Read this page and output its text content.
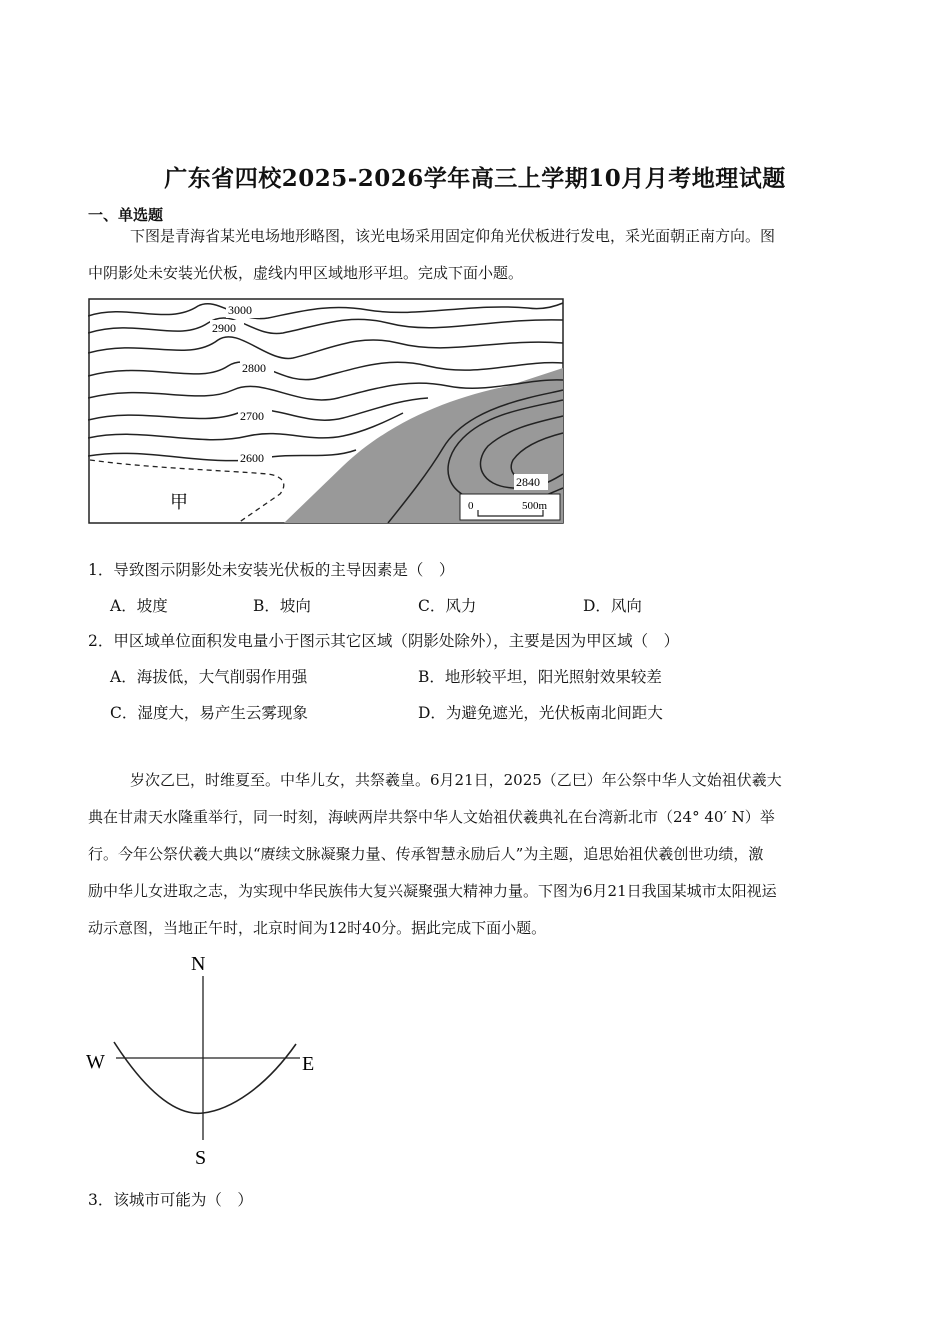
广东省四校2025-2026学年高三上学期10月月考地理试题
一、单选题
下图是青海省某光电场地形略图，该光电场采用固定仰角光伏板进行发电，采光面朝正南方向。图
中阴影处未安装光伏板，虚线内甲区域地形平坦。完成下面小题。
3000
2900
2800
2700
2600
2840
甲	0	500m
1．导致图示阴影处未安装光伏板的主导因素是（　）
A．坡度	B．坡向	C．风力	D．风向
2．甲区域单位面积发电量小于图示其它区域（阴影处除外），主要是因为甲区域（　）
A．海拔低，大气削弱作用强	B．地形较平坦，阳光照射效果较差
C．湿度大，易产生云雾现象	D．为避免遮光，光伏板南北间距大
岁次乙巳，时维夏至。中华儿女，共祭羲皇。6月21日，2025（乙巳）年公祭中华人文始祖伏羲大
典在甘肃天水隆重举行，同一时刻，海峡两岸共祭中华人文始祖伏羲典礼在台湾新北市（24° 40′ N）举
行。今年公祭伏羲大典以“赓续文脉凝聚力量、传承智慧永励后人”为主题，追思始祖伏羲创世功绩，激
励中华儿女进取之志，为实现中华民族伟大复兴凝聚强大精神力量。下图为6月21日我国某城市太阳视运
动示意图，当地正午时，北京时间为12时40分。据此完成下面小题。
N
S
W	E
3．该城市可能为（　）
